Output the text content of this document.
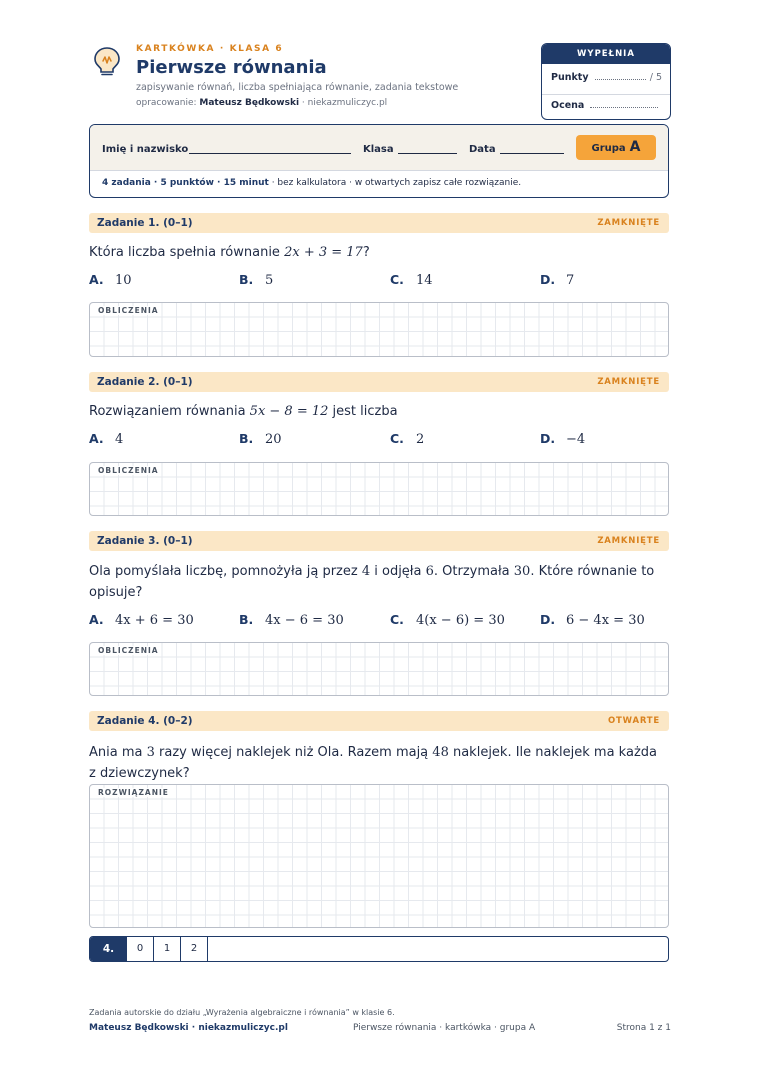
KARTKÓWKA · KLASA 6
Pierwsze równania
zapisywanie równań, liczba spełniająca równanie, zadania tekstowe
opracowanie: Mateusz Będkowski · niekazmuliczyc.pl
WYPEŁNIA NAUCZYCIEL
Punkty	/ 5
Ocena
Imię i nazwisko	Klasa	Data	Grupa A
4 zadania · 5 punktów · 15 minut · bez kalkulatora · w otwartych zapisz całe rozwiązanie.
Zadanie 1. (0–1)	ZAMKNIĘTE
Która liczba spełnia równanie 2x + 3 = 17?
A. 10	B. 5	C. 14	D. 7
OBLICZENIA
Zadanie 2. (0–1)	ZAMKNIĘTE
Rozwiązaniem równania 5x − 8 = 12 jest liczba
A. 4	B. 20	C. 2	D. −4
OBLICZENIA
Zadanie 3. (0–1)	ZAMKNIĘTE
Ola pomyślała liczbę, pomnożyła ją przez 4 i odjęła 6. Otrzymała 30. Które równanie to
opisuje?
A. 4x + 6 = 30	B. 4x − 6 = 30	C. 4(x − 6) = 30	D. 6 − 4x = 30
OBLICZENIA
Zadanie 4. (0–2)	OTWARTE
Ania ma 3 razy więcej naklejek niż Ola. Razem mają 48 naklejek. Ile naklejek ma każda
z dziewczynek?
ROZWIĄZANIE
4.	0	1	2
Zadania autorskie do działu „Wyrażenia algebraiczne i równania” w klasie 6.
Mateusz Będkowski · niekazmuliczyc.pl	Pierwsze równania · kartkówka · grupa A	Strona 1 z 1
